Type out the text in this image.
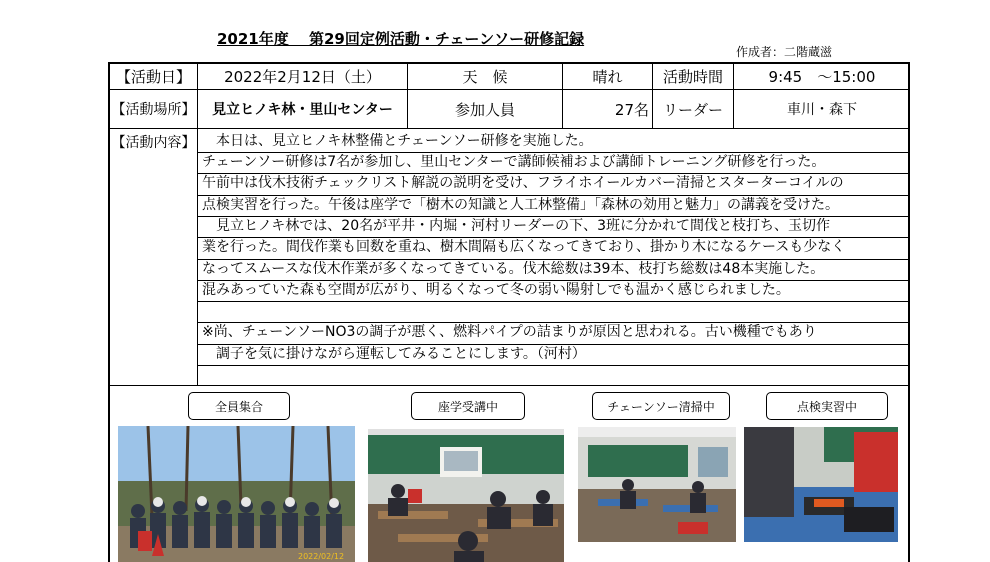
2021年度　 第29回定例活動・チェーンソー研修記録
作成者：二階蔵滋
【活動日】	2022年2月12日（土）	天　候	晴れ	活動時間	9:45　〜15:00
【活動場所】	見立ヒノキ林・里山センター	参加人員	27名 リーダー	車川・森下
【活動内容】 　本日は、見立ヒノキ林整備とチェーンソー研修を実施した。
チェーンソー研修は7名が参加し、里山センターで講師候補および講師トレーニング研修を行った。
午前中は伐木技術チェックリスト解説の説明を受け、フライホイールカバー清掃とスターターコイルの
点検実習を行った。午後は座学で「樹木の知識と人工林整備」「森林の効用と魅力」の講義を受けた。
　見立ヒノキ林では、20名が平井・内堀・河村リーダーの下、3班に分かれて間伐と枝打ち、玉切作
業を行った。間伐作業も回数を重ね、樹木間隔も広くなってきており、掛かり木になるケースも少なく
なってスムースな伐木作業が多くなってきている。伐木総数は39本、枝打ち総数は48本実施した。
混みあっていた森も空間が広がり、明るくなって冬の弱い陽射しでも温かく感じられました。
※尚、チェーンソーNO3の調子が悪く、燃料パイプの詰まりが原因と思われる。古い機種でもあり
　調子を気に掛けながら運転してみることにします。（河村）
全員集合	座学受講中	チェーンソー清掃中	点検実習中
2022/02/12
